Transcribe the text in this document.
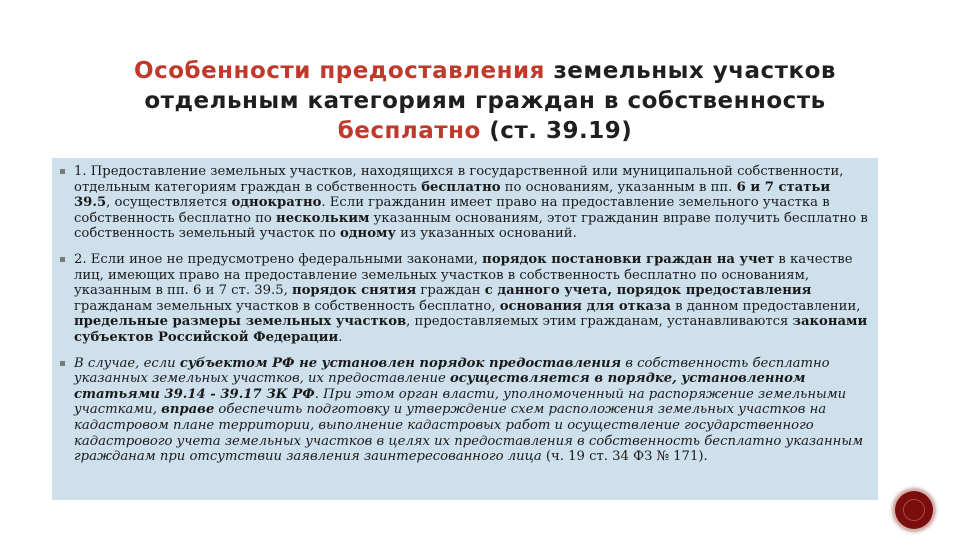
Особенности предоставления земельных участков отдельным категориям граждан в собственность
бесплатно (ст. 39.19)
1. Предоставление земельных участков, находящихся в государственной или муниципальной собственности, отдельным категориям граждан в собственность бесплатно по основаниям, указанным в пп. 6 и 7 статьи 39.5, осуществляется однократно. Если гражданин имеет право на предоставление земельного участка в собственность бесплатно по нескольким указанным основаниям, этот гражданин вправе получить бесплатно в собственность земельный участок по одному из указанных оснований.
2. Если иное не предусмотрено федеральными законами, порядок постановки граждан на учет в качестве лиц, имеющих право на предоставление земельных участков в собственность бесплатно по основаниям, указанным в пп. 6 и 7 ст. 39.5, порядок снятия граждан с данного учета, порядок предоставления гражданам земельных участков в собственность бесплатно, основания для отказа в данном предоставлении, предельные размеры земельных участков, предоставляемых этим гражданам, устанавливаются законами субъектов Российской Федерации.
В случае, если субъектом РФ не установлен порядок предоставления в собственность бесплатно указанных земельных участков, их предоставление осуществляется в порядке, установленном статьями 39.14 - 39.17 ЗК РФ. При этом орган власти, уполномоченный на распоряжение земельными участками, вправе обеспечить подготовку и утверждение схем расположения земельных участков на кадастровом плане территории, выполнение кадастровых работ и осуществление государственного кадастрового учета земельных участков в целях их предоставления в собственность бесплатно указанным гражданам при отсутствии заявления заинтересованного лица (ч. 19 ст. 34 ФЗ № 171).
